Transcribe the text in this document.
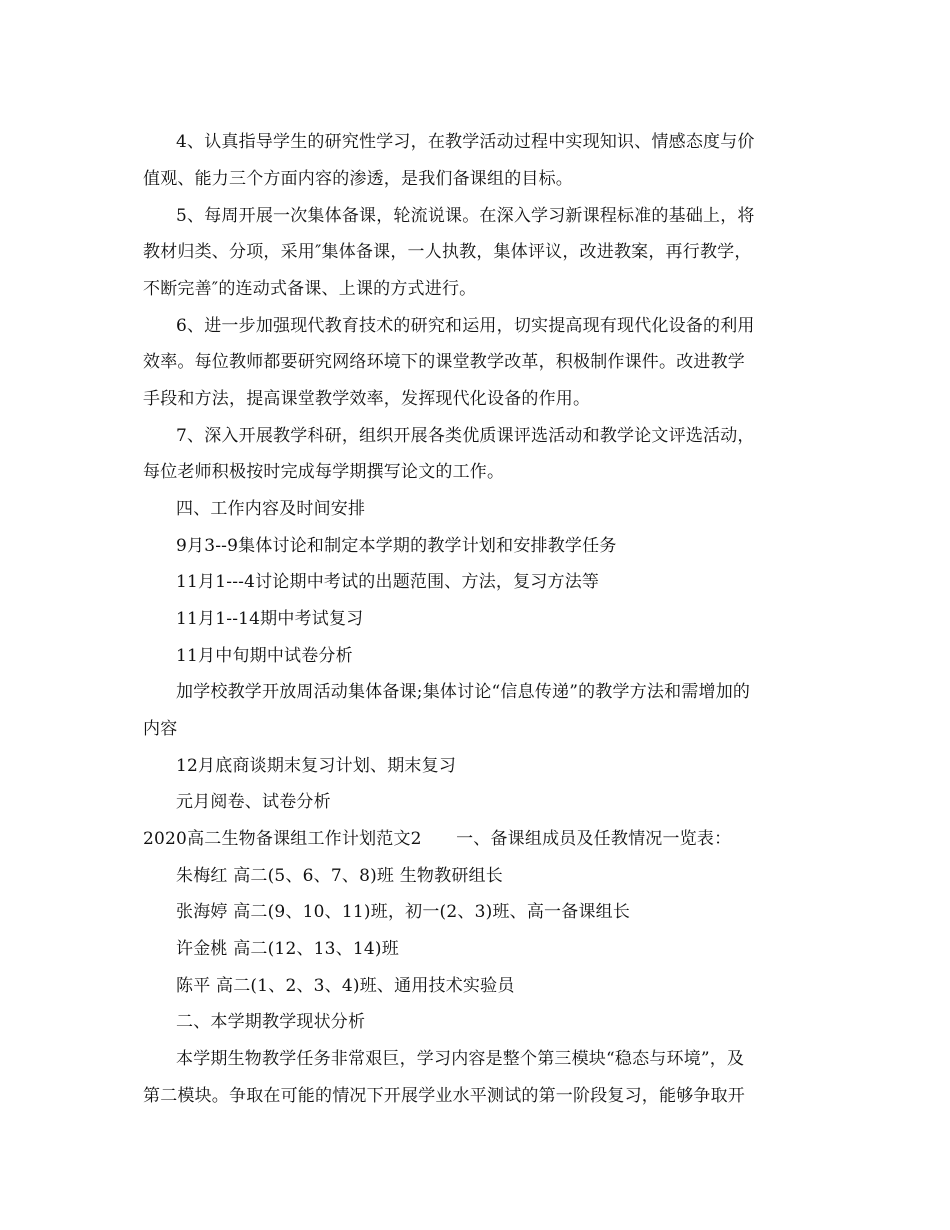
4、认真指导学生的研究性学习，在教学活动过程中实现知识、情感态度与价
值观、能力三个方面内容的渗透，是我们备课组的目标。
5、每周开展一次集体备课，轮流说课。在深入学习新课程标准的基础上，将
教材归类、分项，采用″集体备课，一人执教，集体评议，改进教案，再行教学，
不断完善″的连动式备课、上课的方式进行。
6、进一步加强现代教育技术的研究和运用，切实提高现有现代化设备的利用
效率。每位教师都要研究网络环境下的课堂教学改革，积极制作课件。改进教学
手段和方法，提高课堂教学效率，发挥现代化设备的作用。
7、深入开展教学科研，组织开展各类优质课评选活动和教学论文评选活动，
每位老师积极按时完成每学期撰写论文的工作。
四、工作内容及时间安排
9月3--9集体讨论和制定本学期的教学计划和安排教学任务
11月1---4讨论期中考试的出题范围、方法，复习方法等
11月1--14期中考试复习
11月中旬期中试卷分析
加学校教学开放周活动集体备课;集体讨论“信息传递”的教学方法和需增加的
内容
12月底商谈期末复习计划、期末复习
元月阅卷、试卷分析
2020高二生物备课组工作计划范文2　　一、备课组成员及任教情况一览表：
朱梅红 高二(5、6、7、8)班 生物教研组长
张海婷 高二(9、10、11)班，初一(2、3)班、高一备课组长
许金桃 高二(12、13、14)班
陈平 高二(1、2、3、4)班、通用技术实验员
二、本学期教学现状分析
本学期生物教学任务非常艰巨，学习内容是整个第三模块“稳态与环境”，及
第二模块。争取在可能的情况下开展学业水平测试的第一阶段复习，能够争取开
